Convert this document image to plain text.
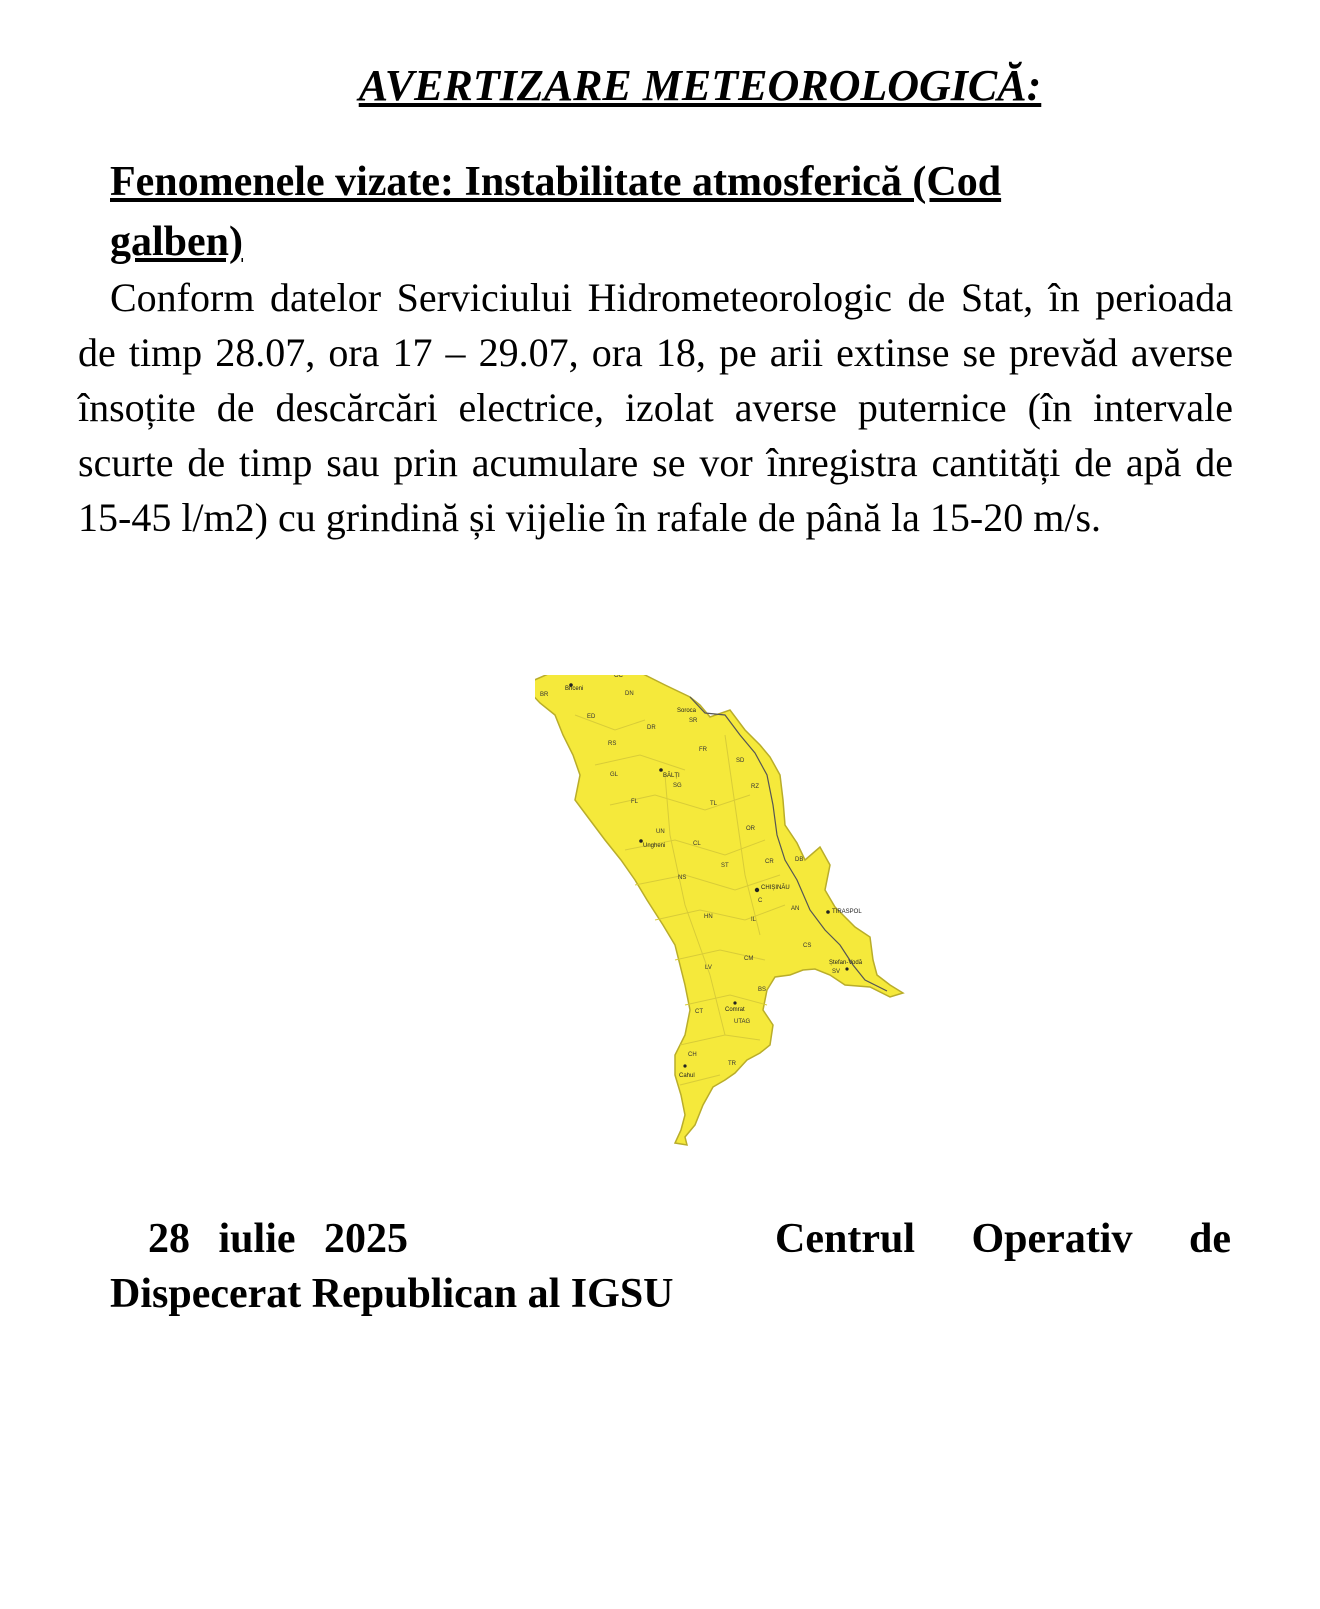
AVERTIZARE METEOROLOGICĂ:
Fenomenele vizate: Instabilitate atmosferică (Cod galben)
Conform datelor Serviciului Hidrometeorologic de Stat, în perioada de timp 28.07, ora 17 – 29.07, ora 18, pe arii extinse se prevăd averse însoțite de descărcări electrice, izolat averse puternice (în intervale scurte de timp sau prin acumulare se vor înregistra cantități de apă de 15-45 l/m2) cu grindină și vijelie în rafale de până la 15-20 m/s.
Briceni
Soroca
BĂLȚI
Ungheni
CHIȘINĂU
TIRASPOL
Ștefan-Vodă
Comrat
Cahul
OC
BR	DN
ED
SR
DR
RS
FR
SD
GL
SG	RZ
FL	TL
UN	OR
CL
CR	DB
ST
NS
C
AN
HN	IL
CS
CM
SV
LV
BS
CT
UTAG
CH
TR
28 iulie 2025	Centrul Operativ de
Dispecerat Republican al IGSU
